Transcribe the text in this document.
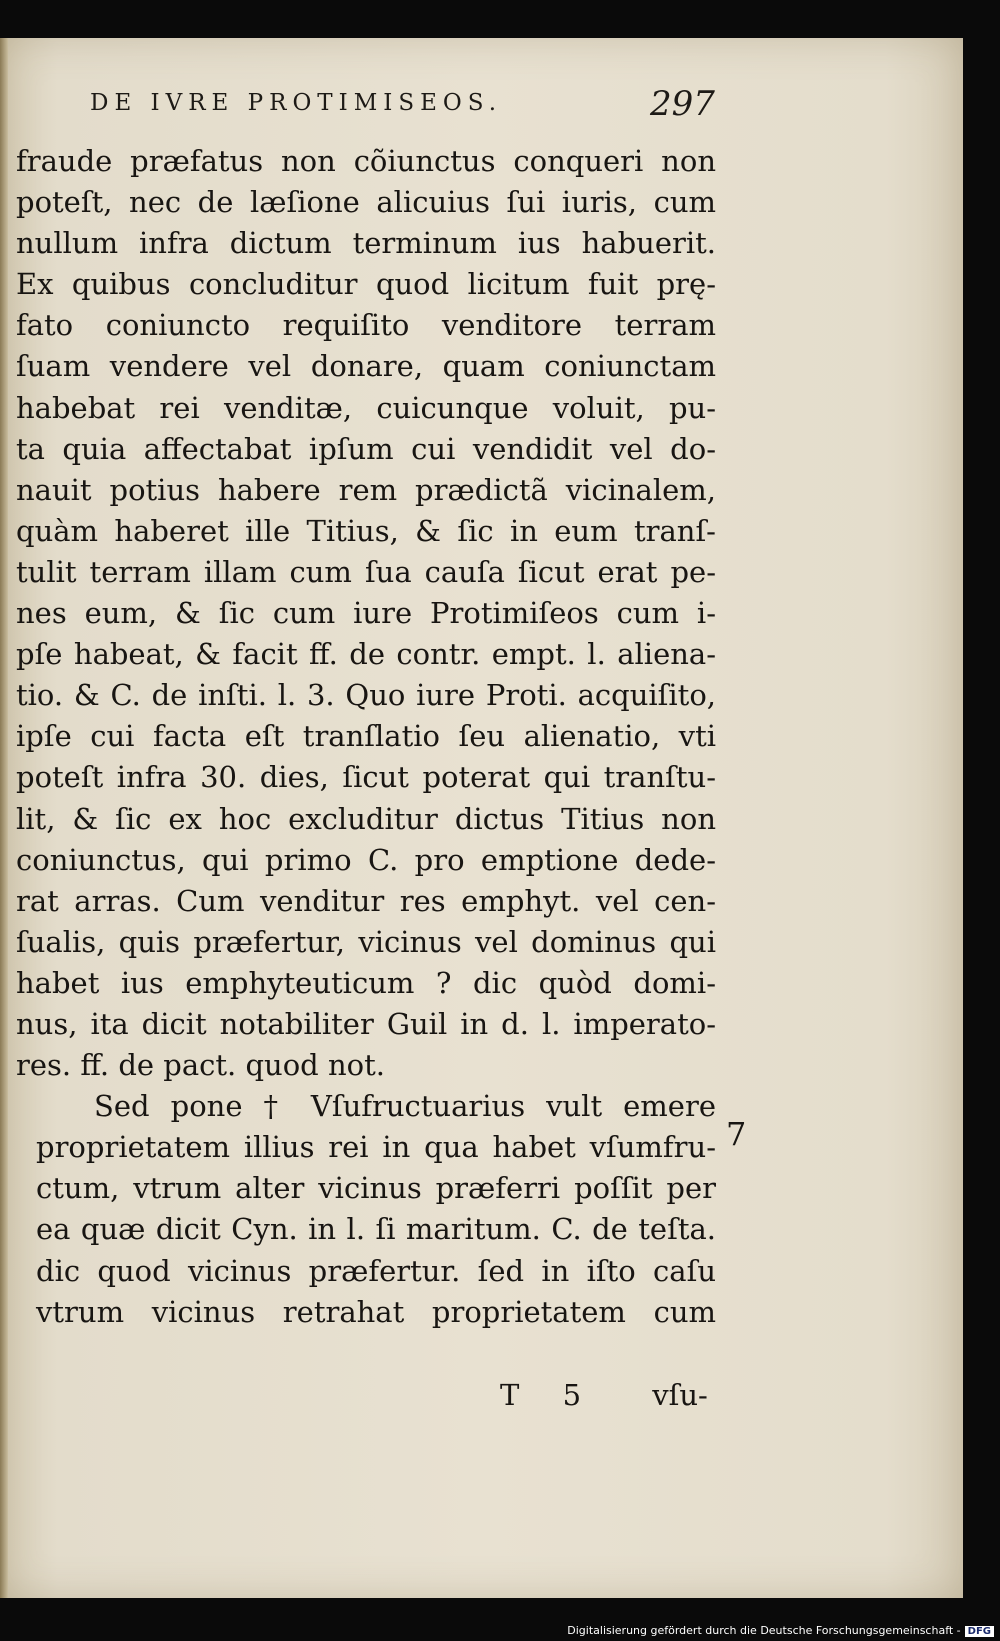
DE IVRE PROTIMISEOS.	297
fraude præfatus non cõiunctus conqueri non
poteſt, nec de læſione alicuius ſui iuris, cum
nullum infra dictum terminum ius habuerit.
Ex quibus concluditur quod licitum fuit prę-
fato coniuncto requiſito venditore terram
ſuam vendere vel donare, quam coniunctam
habebat rei venditæ, cuicunque voluit, pu-
ta quia affectabat ipſum cui vendidit vel do-
nauit potius habere rem prædictã vicinalem,
quàm haberet ille Titius, & ſic in eum tranſ-
tulit terram illam cum ſua cauſa ſicut erat pe-
nes eum, & ſic cum iure Protimiſeos cum i-
pſe habeat, & facit ff. de contr. empt. l. aliena-
tio. & C. de inſti. l. 3. Quo iure Proti. acquiſito,
ipſe cui facta eſt tranſlatio ſeu alienatio, vti
poteſt infra 30. dies, ſicut poterat qui tranſtu-
lit, & ſic ex hoc excluditur dictus Titius non
coniunctus, qui primo C. pro emptione dede-
rat arras. Cum venditur res emphyt. vel cen-
ſualis, quis præfertur, vicinus vel dominus qui
habet ius emphyteuticum ? dic quòd domi-
nus, ita dicit notabiliter Guil in d. l. imperato-
res. ff. de pact. quod not.
Sed pone † Vſufructuarius vult emere
proprietatem illius rei in qua habet vſumfru-
ctum, vtrum alter vicinus præferri poſſit per
ea quæ dicit Cyn. in l. ſi maritum. C. de teſta.
dic quod vicinus præfertur. ſed in iſto caſu
vtrum vicinus retrahat proprietatem cum
7
T 5 vſu-
Digitalisierung gefördert durch die Deutsche Forschungsgemeinschaft - DFG
